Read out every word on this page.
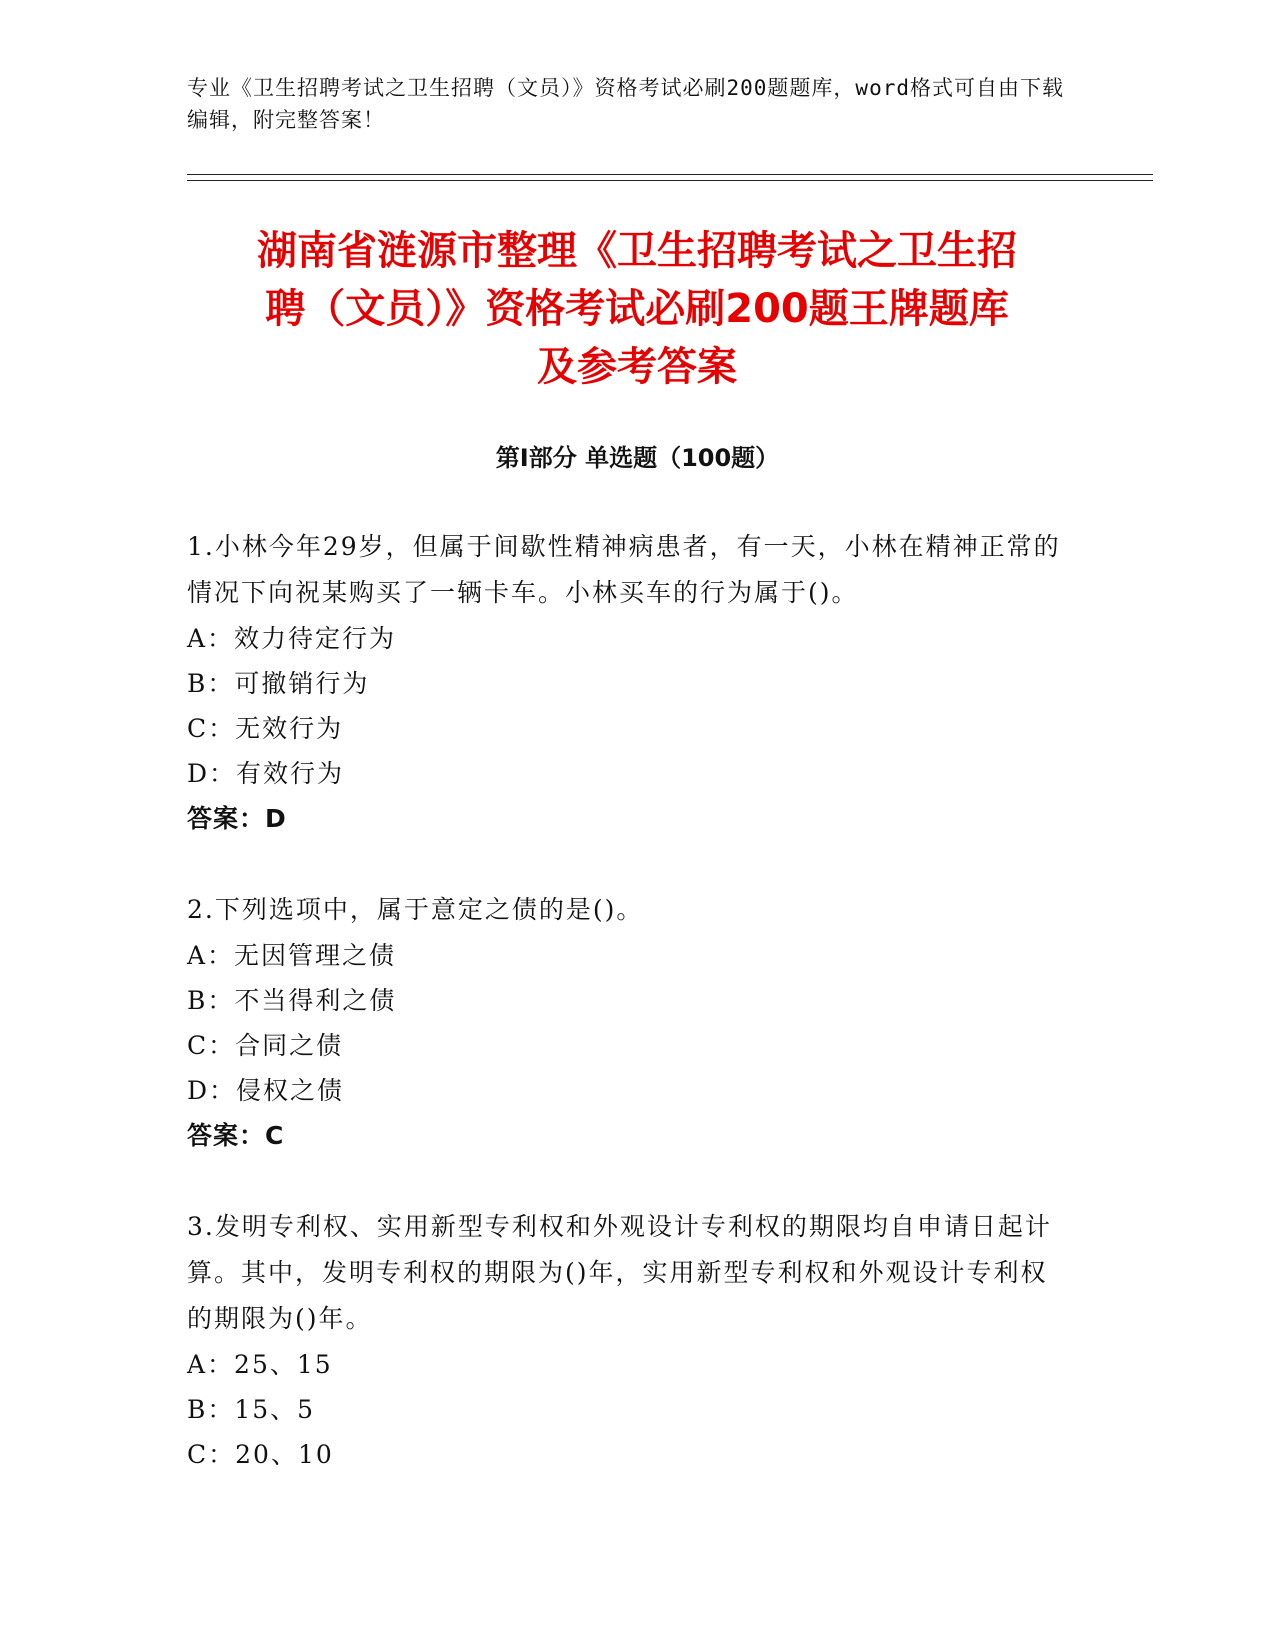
专业《卫生招聘考试之卫生招聘（文员）》资格考试必刷200题题库，word格式可自由下载编辑，附完整答案！
湖南省涟源市整理《卫生招聘考试之卫生招
聘（文员）》资格考试必刷200题王牌题库
及参考答案
第Ⅰ部分 单选题（100题）
1.小林今年29岁，但属于间歇性精神病患者，有一天，小林在精神正常的情况下向祝某购买了一辆卡车。小林买车的行为属于()。
A：效力待定行为
B：可撤销行为
C：无效行为
D：有效行为
答案：D
2.下列选项中，属于意定之债的是()。
A：无因管理之债
B：不当得利之债
C：合同之债
D：侵权之债
答案：C
3.发明专利权、实用新型专利权和外观设计专利权的期限均自申请日起计算。其中，发明专利权的期限为()年，实用新型专利权和外观设计专利权的期限为()年。
A：25、15
B：15、5
C：20、10
